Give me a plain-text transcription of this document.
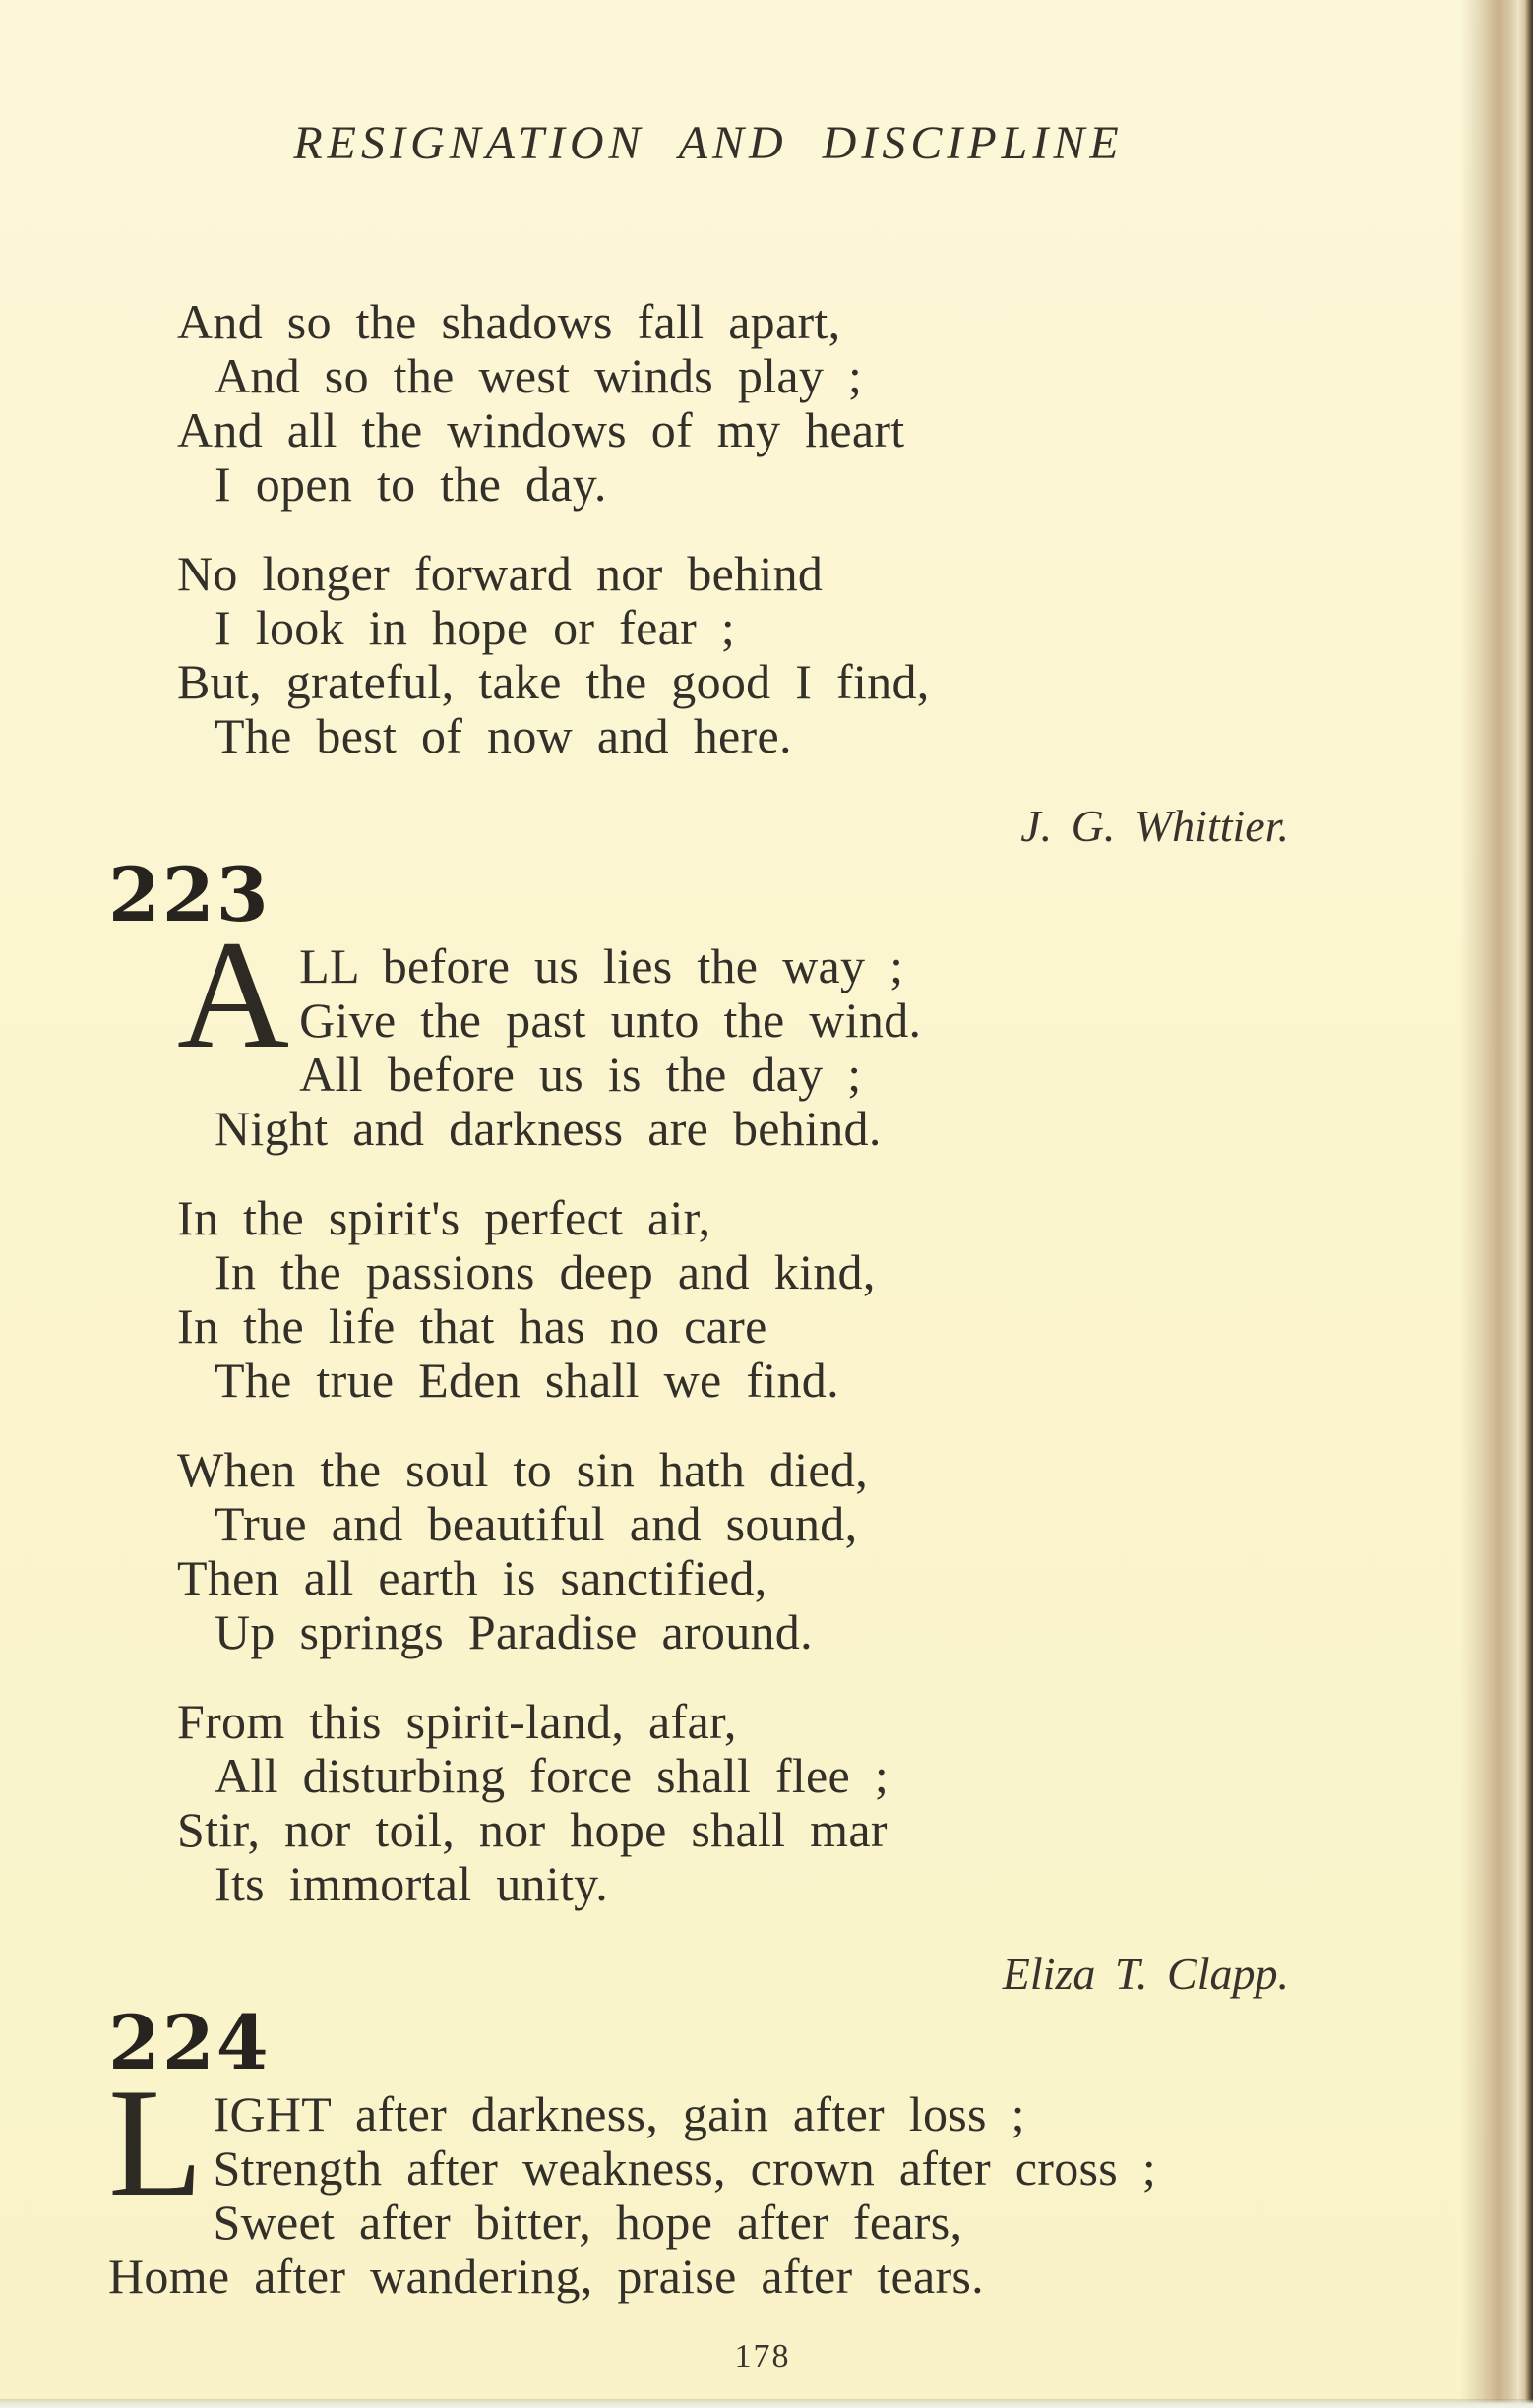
RESIGNATION AND DISCIPLINE
And so the shadows fall apart,
And so the west winds play ;
And all the windows of my heart
I open to the day.
No longer forward nor behind
I look in hope or fear ;
But, grateful, take the good I find,
The best of now and here.
J. G. Whittier.
223
A LL before us lies the way ;
Give the past unto the wind.
All before us is the day ;
Night and darkness are behind.
In the spirit's perfect air,
In the passions deep and kind,
In the life that has no care
The true Eden shall we find.
When the soul to sin hath died,
True and beautiful and sound,
Then all earth is sanctified,
Up springs Paradise around.
From this spirit-land, afar,
All disturbing force shall flee ;
Stir, nor toil, nor hope shall mar
Its immortal unity.
Eliza T. Clapp.
224
L IGHT after darkness, gain after loss ;
Strength after weakness, crown after cross ;
Sweet after bitter, hope after fears,
Home after wandering, praise after tears.
178
